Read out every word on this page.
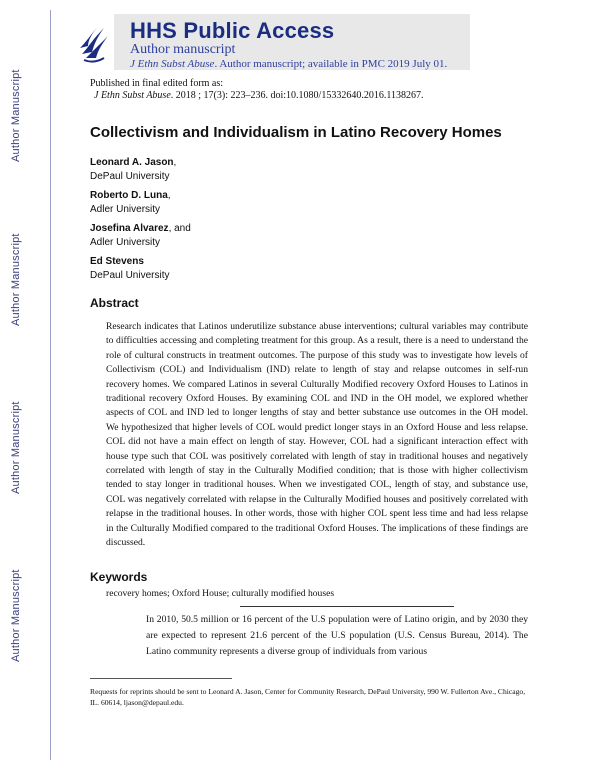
Author Manuscript
Author Manuscript
Author Manuscript
Author Manuscript
HHS Public Access
Author manuscript
J Ethn Subst Abuse. Author manuscript; available in PMC 2019 July 01.
Published in final edited form as:
J Ethn Subst Abuse. 2018 ; 17(3): 223–236. doi:10.1080/15332640.2016.1138267.
Collectivism and Individualism in Latino Recovery Homes
Leonard A. Jason,
DePaul University
Roberto D. Luna,
Adler University
Josefina Alvarez, and
Adler University
Ed Stevens
DePaul University
Abstract

Research indicates that Latinos underutilize substance abuse interventions; cultural variables may contribute to difficulties accessing and completing treatment for this group. As a result, there is a need to understand the role of cultural constructs in treatment outcomes. The purpose of this study was to investigate how levels of Collectivism (COL) and Individualism (IND) relate to length of stay and relapse outcomes in self-run recovery homes. We compared Latinos in several Culturally Modified recovery Oxford Houses to Latinos in traditional recovery Oxford Houses. By examining COL and IND in the OH model, we explored whether aspects of COL and IND led to longer lengths of stay and better substance use outcomes in the OH model. We hypothesized that higher levels of COL would predict longer stays in an Oxford House and less relapse. COL did not have a main effect on length of stay. However, COL had a significant interaction effect with house type such that COL was positively correlated with length of stay in traditional houses and negatively correlated with length of stay in the Culturally Modified condition; that is those with higher collectivism tended to stay longer in traditional houses. When we investigated COL, length of stay, and substance use, COL was negatively correlated with relapse in the Culturally Modified houses and positively correlated with relapse in the traditional houses. In other words, those with higher COL spent less time and had less relapse in the Culturally Modified compared to the traditional Oxford Houses. The implications of these findings are discussed.

Keywords
recovery homes; Oxford House; culturally modified houses

In 2010, 50.5 million or 16 percent of the U.S population were of Latino origin, and by 2030 they are expected to represent 21.6 percent of the U.S population (U.S. Census Bureau, 2014). The Latino community represents a diverse group of individuals from various

Requests for reprints should be sent to Leonard A. Jason, Center for Community Research, DePaul University, 990 W. Fullerton Ave., Chicago, IL. 60614, ljason@depaul.edu.
